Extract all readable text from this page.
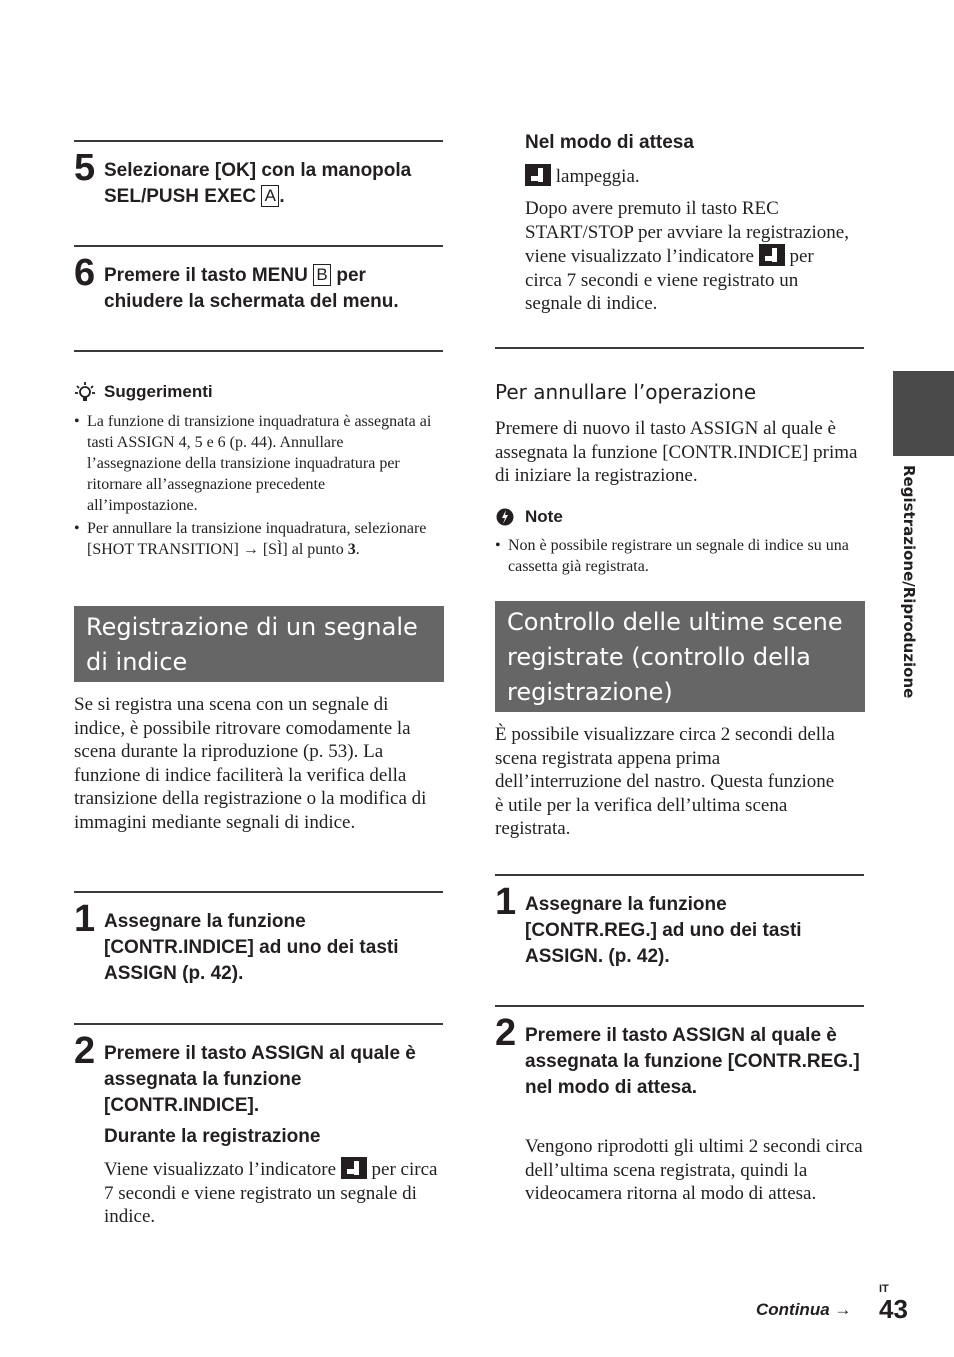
5 Selezionare [OK] con la manopola
SEL/PUSH EXEC A .
6 Premere il tasto MENU B per
chiudere la schermata del menu.
Suggerimenti
• La funzione di transizione inquadratura è assegnata ai tasti ASSIGN 4, 5 e 6 (p. 44). Annullare l’assegnazione della transizione inquadratura per ritornare all’assegnazione precedente all’impostazione.
• Per annullare la transizione inquadratura, selezionare [SHOT TRANSITION] → [SÌ] al punto 3.
Registrazione di un segnale di indice
Se si registra una scena con un segnale di indice, è possibile ritrovare comodamente la scena durante la riproduzione (p. 53). La funzione di indice faciliterà la verifica della transizione della registrazione o la modifica di immagini mediante segnali di indice.
1 Assegnare la funzione [CONTR.INDICE] ad uno dei tasti ASSIGN (p. 42).
2 Premere il tasto ASSIGN al quale è assegnata la funzione [CONTR.INDICE].
Durante la registrazione
Viene visualizzato l’indicatore per circa 7 secondi e viene registrato un segnale di indice.
Nel modo di attesa
lampeggia.
Dopo avere premuto il tasto REC START/STOP per avviare la registrazione, viene visualizzato l’indicatore per circa 7 secondi e viene registrato un segnale di indice.
Per annullare l’operazione
Premere di nuovo il tasto ASSIGN al quale è assegnata la funzione [CONTR.INDICE] prima di iniziare la registrazione.
Note
• Non è possibile registrare un segnale di indice su una cassetta già registrata.
Controllo delle ultime scene registrate (controllo della registrazione)
È possibile visualizzare circa 2 secondi della scena registrata appena prima dell’interruzione del nastro. Questa funzione è utile per la verifica dell’ultima scena registrata.
1 Assegnare la funzione [CONTR.REG.] ad uno dei tasti ASSIGN. (p. 42).
2 Premere il tasto ASSIGN al quale è assegnata la funzione [CONTR.REG.] nel modo di attesa.
Vengono riprodotti gli ultimi 2 secondi circa dell’ultima scena registrata, quindi la videocamera ritorna al modo di attesa.
Registrazione/Riproduzione
Continua →
IT
43
